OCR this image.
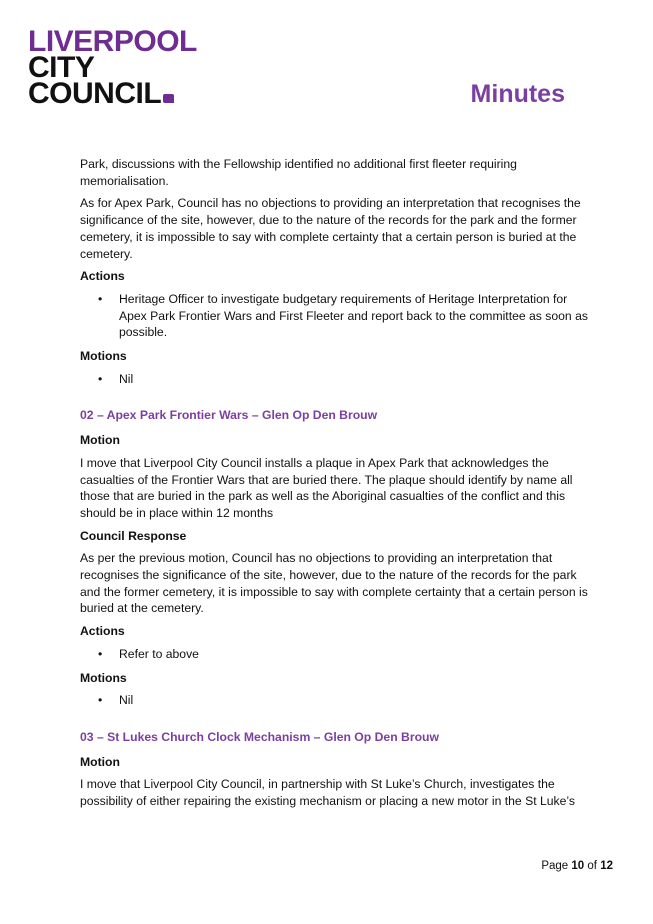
LIVERPOOL
CITY
COUNCIL	Minutes

Park, discussions with the Fellowship identified no additional first fleeter requiring memorialisation.

As for Apex Park, Council has no objections to providing an interpretation that recognises the significance of the site, however, due to the nature of the records for the park and the former cemetery, it is impossible to say with complete certainty that a certain person is buried at the cemetery.

Actions
• Heritage Officer to investigate budgetary requirements of Heritage Interpretation for Apex Park Frontier Wars and First Fleeter and report back to the committee as soon as possible.
Motions
• Nil
02 – Apex Park Frontier Wars – Glen Op Den Brouw
Motion

I move that Liverpool City Council installs a plaque in Apex Park that acknowledges the casualties of the Frontier Wars that are buried there. The plaque should identify by name all those that are buried in the park as well as the Aboriginal casualties of the conflict and this should be in place within 12 months

Council Response

As per the previous motion, Council has no objections to providing an interpretation that recognises the significance of the site, however, due to the nature of the records for the park and the former cemetery, it is impossible to say with complete certainty that a certain person is buried at the cemetery.

Actions
• Refer to above
Motions
• Nil
03 – St Lukes Church Clock Mechanism – Glen Op Den Brouw
Motion

I move that Liverpool City Council, in partnership with St Luke’s Church, investigates the possibility of either repairing the existing mechanism or placing a new motor in the St Luke’s

Page 10 of 12
